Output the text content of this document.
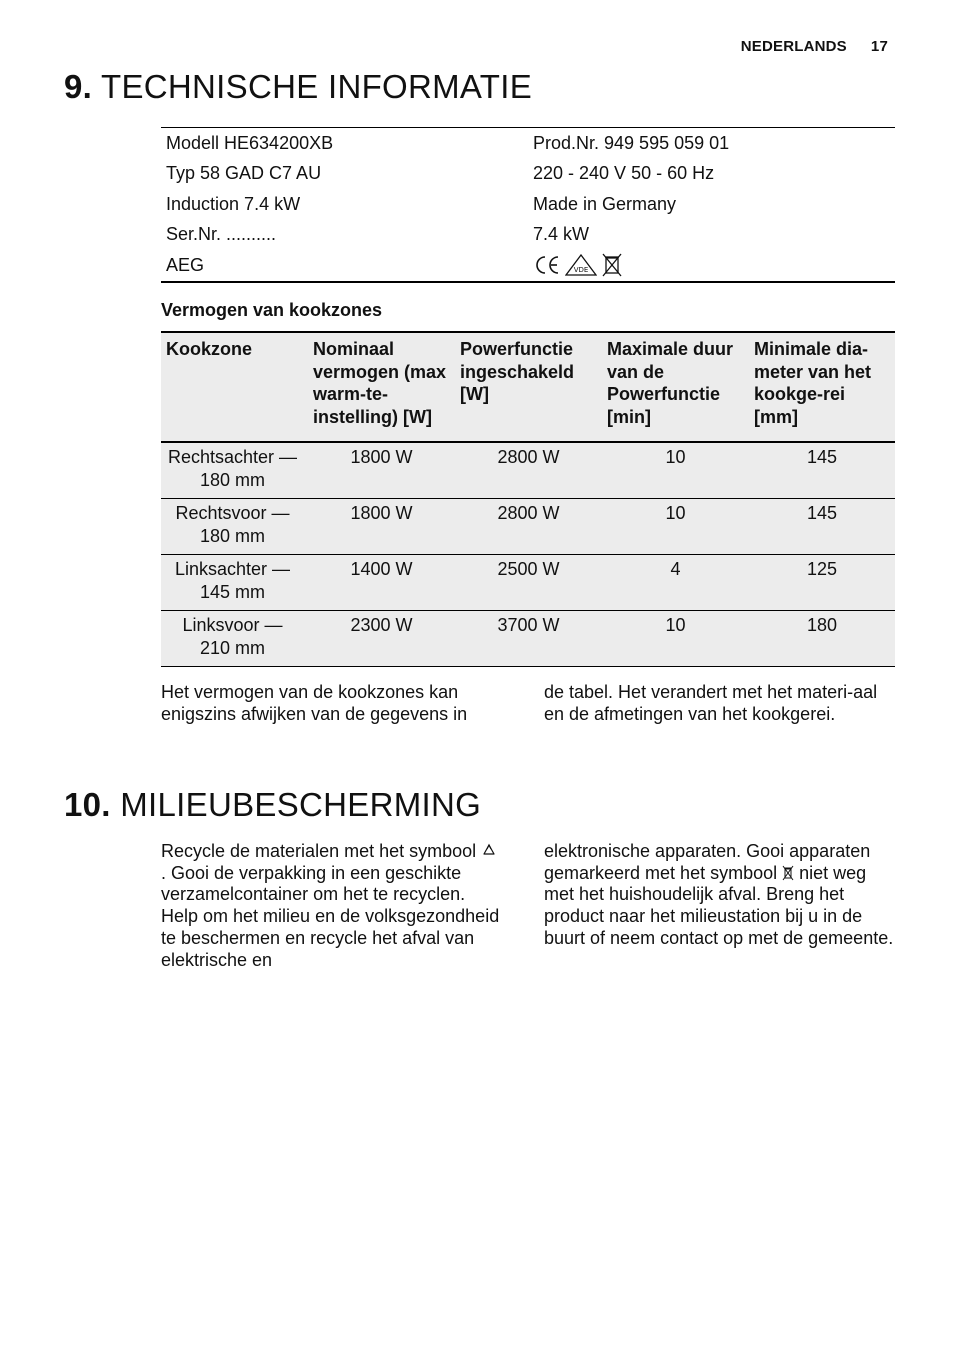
NEDERLANDS 17
9. TECHNISCHE INFORMATIE
Modell HE634200XB	Prod.Nr. 949 595 059 01
Typ 58 GAD C7 AU	220 - 240 V 50 - 60 Hz
Induction 7.4 kW	Made in Germany
Ser.Nr. ..........	7.4 kW
AEG	VDE
Vermogen van kookzones
Kookzone	Nominaal vermogen (max warm-te-instelling) [W]	Powerfunctie ingeschakeld [W]	Maximale duur van de Powerfunctie [min]	Minimale dia-meter van het kookge-rei [mm]
Rechtsachter — 180 mm	1800 W	2800 W	10	145
Rechtsvoor — 180 mm	1800 W	2800 W	10	145
Linksachter — 145 mm	1400 W	2500 W	4	125
Linksvoor — 210 mm	2300 W	3700 W	10	180
Het vermogen van de kookzones kan enigszins afwijken van de gegevens in
de tabel. Het verandert met het materi-aal en de afmetingen van het kookgerei.
10. MILIEUBESCHERMING
Recycle de materialen met het symbool . Gooi de verpakking in een geschikte verzamelcontainer om het te recyclen.
Help om het milieu en de volksgezondheid te beschermen en recycle het afval van elektrische en
elektronische apparaten. Gooi apparaten gemarkeerd met het symbool niet weg met het huishoudelijk afval. Breng het product naar het milieustation bij u in de buurt of neem contact op met de gemeente.
